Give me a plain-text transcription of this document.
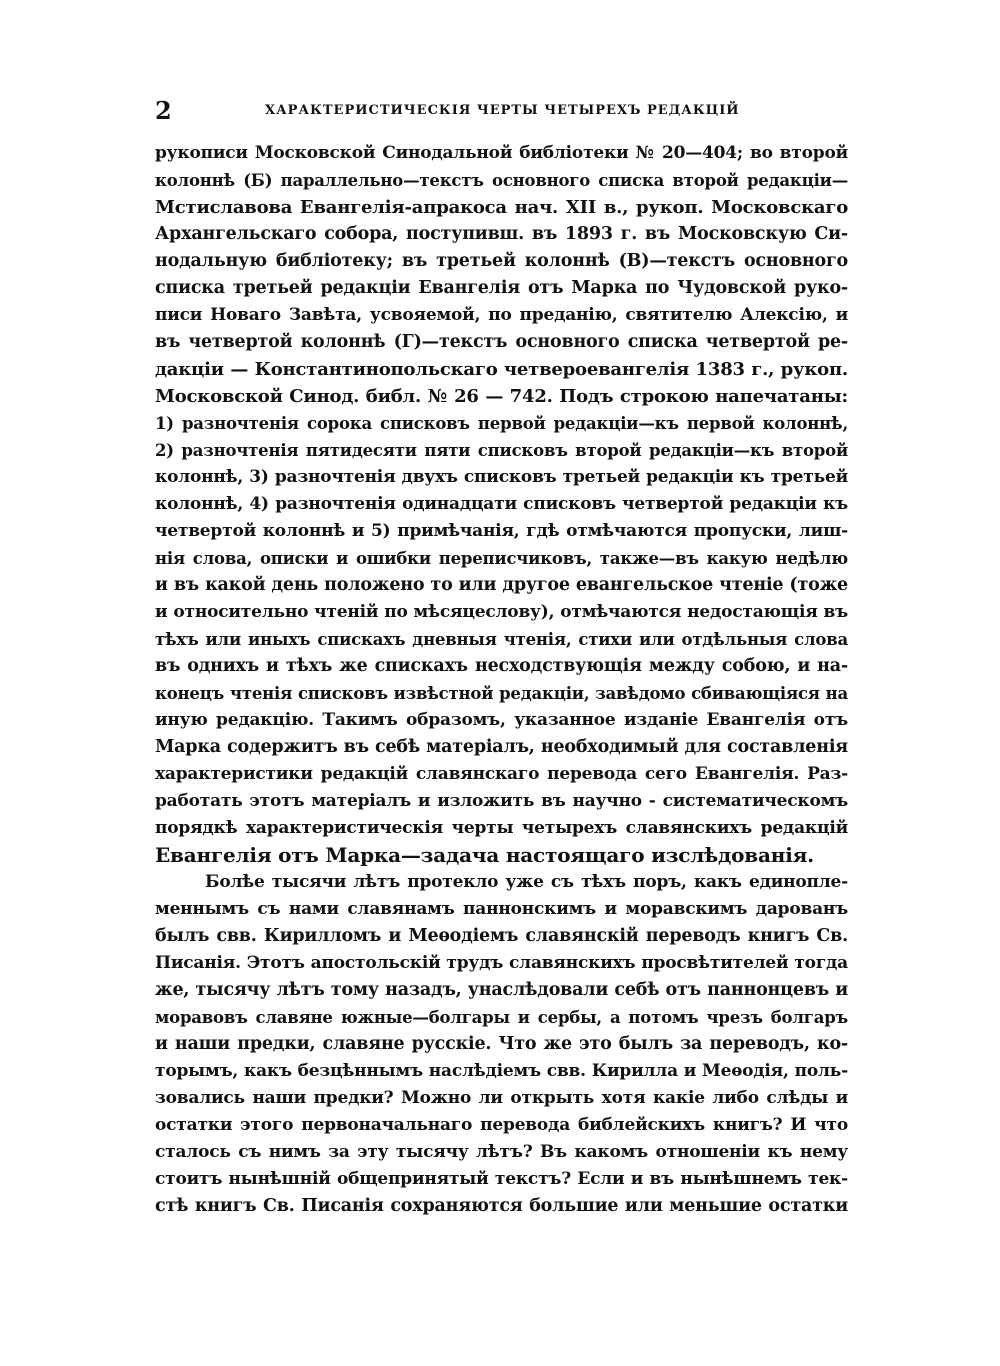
2	ХАРАКТЕРИСТИЧЕСКІЯ ЧЕРТЫ ЧЕТЫРЕХЪ РЕДАКЦІЙ
рукописи Московской Синодальной библіотеки № 20—404; во второй
колоннѣ (Б) параллельно—текстъ основного списка второй редакціи—
Мстиславова Евангелія-апракоса нач. XII в., рукоп. Московскаго
Архангельскаго собора, поступивш. въ 1893 г. въ Московскую Си-
нодальную библіотеку; въ третьей колоннѣ (В)—текстъ основного
списка третьей редакціи Евангелія отъ Марка по Чудовской руко-
писи Новаго Завѣта, усвояемой, по преданію, святителю Алексію, и
въ четвертой колоннѣ (Г)—текстъ основного списка четвертой ре-
дакціи — Константинопольскаго четвероевангелія 1383 г., рукоп.
Московской Синод. библ. № 26 — 742. Подъ строкою напечатаны:
1) разночтенія сорока списковъ первой редакціи—къ первой колоннѣ,
2) разночтенія пятидесяти пяти списковъ второй редакціи—къ второй
колоннѣ, 3) разночтенія двухъ списковъ третьей редакціи къ третьей
колоннѣ, 4) разночтенія одинадцати списковъ четвертой редакціи къ
четвертой колоннѣ и 5) примѣчанія, гдѣ отмѣчаются пропуски, лиш-
нія слова, описки и ошибки переписчиковъ, также—въ какую недѣлю
и въ какой день положено то или другое евангельское чтеніе (тоже
и относительно чтеній по мѣсяцеслову), отмѣчаются недостающія въ
тѣхъ или иныхъ спискахъ дневныя чтенія, стихи или отдѣльныя слова
въ однихъ и тѣхъ же спискахъ несходствующія между собою, и на-
конецъ чтенія списковъ извѣстной редакціи, завѣдомо сбивающіяся на
иную редакцію. Такимъ образомъ, указанное изданіе Евангелія отъ
Марка содержитъ въ себѣ матеріалъ, необходимый для составленія
характеристики редакцій славянскаго перевода сего Евангелія. Раз-
работать этотъ матеріалъ и изложить въ научно - систематическомъ
порядкѣ характеристическія черты четырехъ славянскихъ редакцій
Евангелія отъ Марка—задача настоящаго изслѣдованія.
Болѣе тысячи лѣтъ протекло уже съ тѣхъ поръ, какъ единопле-
меннымъ съ нами славянамъ паннонскимъ и моравскимъ дарованъ
былъ свв. Кирилломъ и Меѳодіемъ славянскій переводъ книгъ Св.
Писанія. Этотъ апостольскій трудъ славянскихъ просвѣтителей тогда
же, тысячу лѣтъ тому назадъ, унаслѣдовали себѣ отъ паннонцевъ и
моравовъ славяне южные—болгары и сербы, а потомъ чрезъ болгаръ
и наши предки, славяне русскіе. Что же это былъ за переводъ, ко-
торымъ, какъ безцѣннымъ наслѣдіемъ свв. Кирилла и Меѳодія, поль-
зовались наши предки? Можно ли открыть хотя какіе либо слѣды и
остатки этого первоначальнаго перевода библейскихъ книгъ? И что
сталось съ нимъ за эту тысячу лѣтъ? Въ какомъ отношеніи къ нему
стоитъ нынѣшній общепринятый текстъ? Если и въ нынѣшнемъ тек-
стѣ книгъ Св. Писанія сохраняются большие или меньшие остатки
